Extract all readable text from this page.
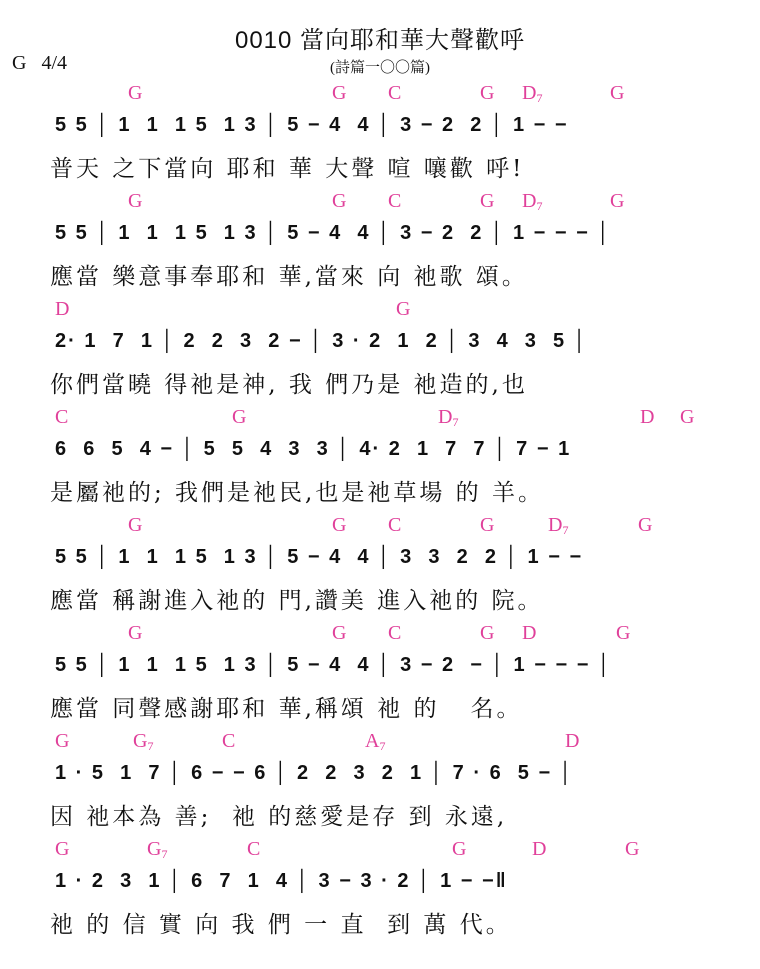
0010 當向耶和華大聲歡呼
(詩篇一〇〇篇)
G 4/4
G	G C	G $D_7$	G
5 5 │ 1  1  1 5  1 3 │ 5 − 4  4 │ 3 − 2  2 │ 1 − −
普天 之下當向 耶和 華 大聲 喧 嚷歡 呼!
G	G C	G $D_7$	G
5 5 │ 1  1  1 5  1 3 │ 5 − 4  4 │ 3 − 2  2 │ 1 − − − │
應當 樂意事奉耶和 華,當來 向 祂歌 頌。
D	G
2· 1  7  1 │ 2  2  3  2 − │ 3 · 2  1  2 │ 3  4  3  5 │
你們當曉 得祂是神, 我 們乃是 祂造的,也
C	G	$D_7$	D G
6  6  5  4 − │ 5  5  4  3  3 │ 4· 2  1  7  7 │ 7 − 1
是屬祂的; 我們是祂民,也是祂草場 的 羊。
G	G C	G	$D_7$	G
5 5 │ 1  1  1 5  1 3 │ 5 − 4  4 │ 3  3  2  2 │ 1 − −
應當 稱謝進入祂的 門,讚美 進入祂的 院。
G	G C	G D	G
5 5 │ 1  1  1 5  1 3 │ 5 − 4  4 │ 3 − 2  − │ 1 − − − │
應當 同聲感謝耶和 華,稱頌 祂 的   名。
G	$G_7$	C	$A_7$	D
1 · 5  1  7 │ 6 − − 6 │ 2  2  3  2  1 │ 7 · 6  5 − │
因 祂本為 善;  祂 的慈愛是存 到 永遠,
G	$G_7$	C	G	D	G
1 · 2  3  1 │ 6  7  1  4 │ 3 − 3 · 2 │ 1 − −‖
祂 的 信 實 向 我 們 一 直  到 萬 代。
